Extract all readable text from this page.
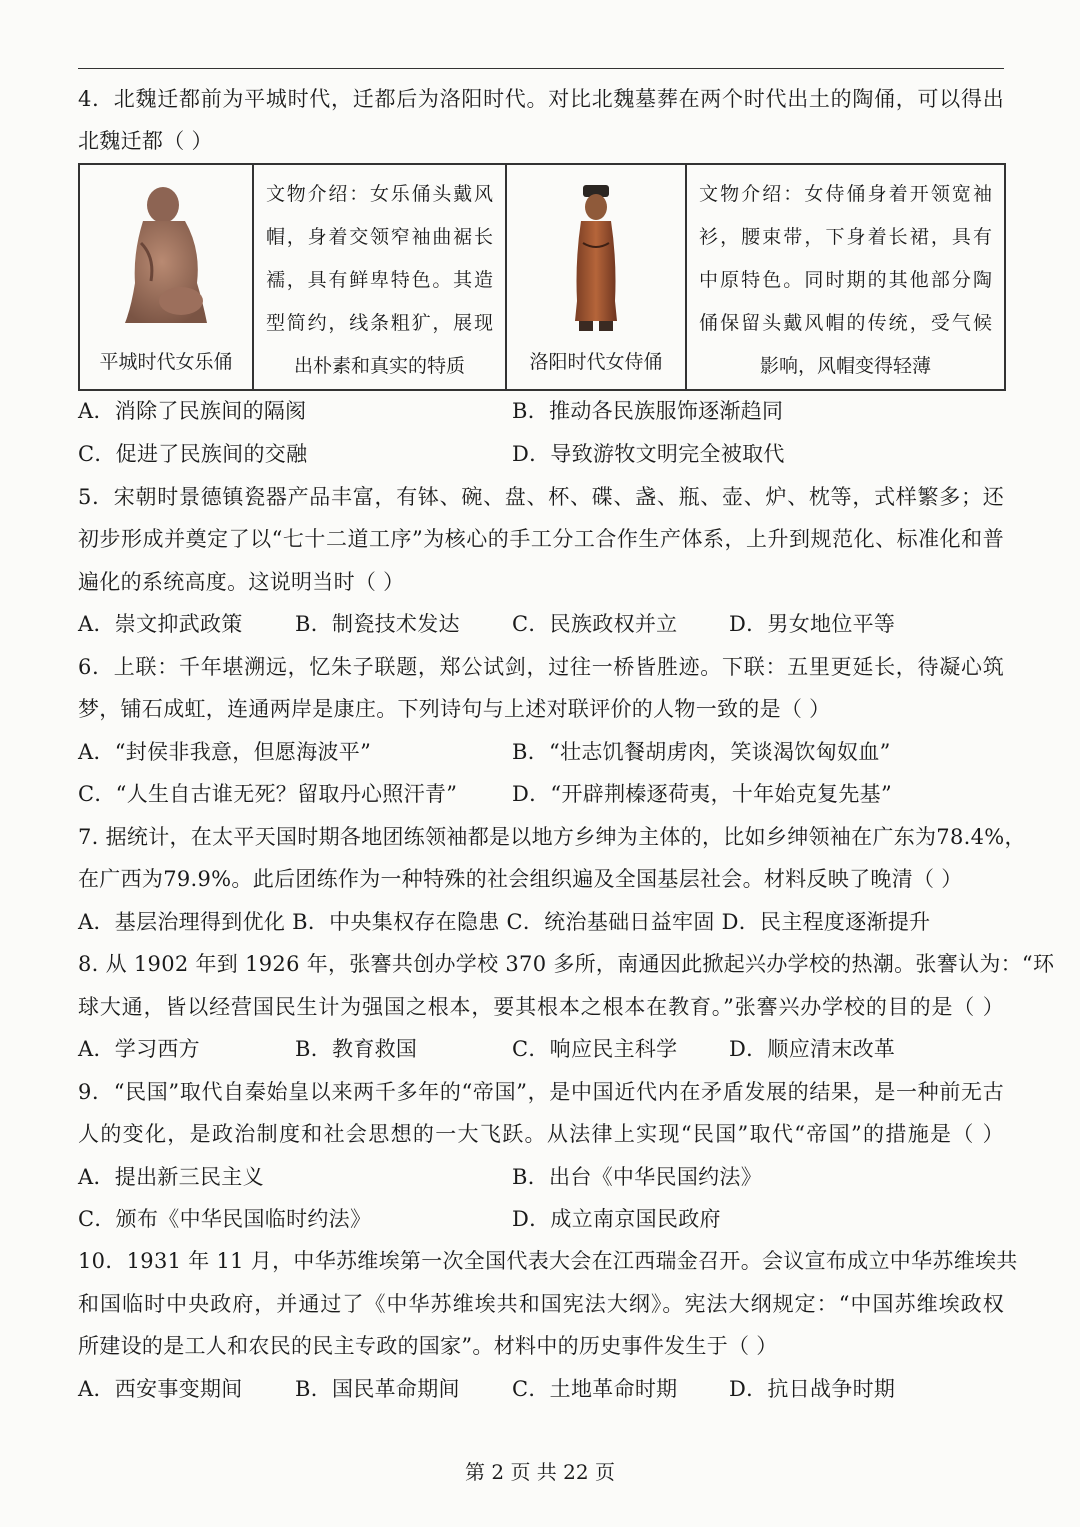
4．北魏迁都前为平城时代，迁都后为洛阳时代。对比北魏墓葬在两个时代出土的陶俑，可以得出
北魏迁都（ ）
平城时代女乐俑

文物介绍：女乐俑头戴风
帽，身着交领窄袖曲裾长
襦，具有鲜卑特色。其造
型简约，线条粗犷，展现
出朴素和真实的特质	洛阳时代女侍俑

文物介绍：女侍俑身着开领宽袖
衫，腰束带，下身着长裙，具有
中原特色。同时期的其他部分陶
俑保留头戴风帽的传统，受气候
影响，风帽变得轻薄
A．消除了民族间的隔阂	B．推动各民族服饰逐渐趋同
C．促进了民族间的交融	D．导致游牧文明完全被取代
5．宋朝时景德镇瓷器产品丰富，有钵、碗、盘、杯、碟、盏、瓶、壶、炉、枕等，式样繁多；还
初步形成并奠定了以“七十二道工序”为核心的手工分工合作生产体系，上升到规范化、标准化和普
遍化的系统高度。这说明当时（ ）
A．崇文抑武政策 B．制瓷技术发达 C．民族政权并立 D．男女地位平等
6．上联：千年堪溯远，忆朱子联题，郑公试剑，过往一桥皆胜迹。下联：五里更延长，待凝心筑
梦，铺石成虹，连通两岸是康庄。下列诗句与上述对联评价的人物一致的是（ ）
A．“封侯非我意，但愿海波平”	B．“壮志饥餐胡虏肉，笑谈渴饮匈奴血”
C．“人生自古谁无死？留取丹心照汗青”	D．“开辟荆榛逐荷夷，十年始克复先基”
7. 据统计，在太平天国时期各地团练领袖都是以地方乡绅为主体的，比如乡绅领袖在广东为78.4%，
在广西为79.9%。此后团练作为一种特殊的社会组织遍及全国基层社会。材料反映了晚清（ ）
A．基层治理得到优化 B．中央集权存在隐患 C．统治基础日益牢固 D．民主程度逐渐提升
8. 从 1902 年到 1926 年，张謇共创办学校 370 多所，南通因此掀起兴办学校的热潮。张謇认为：“环
球大通，皆以经营国民生计为强国之根本，要其根本之根本在教育。”张謇兴办学校的目的是（ ）
A．学习西方	B．教育救国	C．响应民主科学 D．顺应清末改革
9．“民国”取代自秦始皇以来两千多年的“帝国”，是中国近代内在矛盾发展的结果，是一种前无古
人的变化，是政治制度和社会思想的一大飞跃。从法律上实现“民国”取代“帝国”的措施是（ ）
A．提出新三民主义	B．出台《中华民国约法》
C．颁布《中华民国临时约法》	D．成立南京国民政府
10．1931 年 11 月，中华苏维埃第一次全国代表大会在江西瑞金召开。会议宣布成立中华苏维埃共
和国临时中央政府，并通过了《中华苏维埃共和国宪法大纲》。宪法大纲规定：“中国苏维埃政权
所建设的是工人和农民的民主专政的国家”。材料中的历史事件发生于（ ）
A．西安事变期间 B．国民革命期间 C．土地革命时期 D．抗日战争时期
第 2 页 共 22 页
